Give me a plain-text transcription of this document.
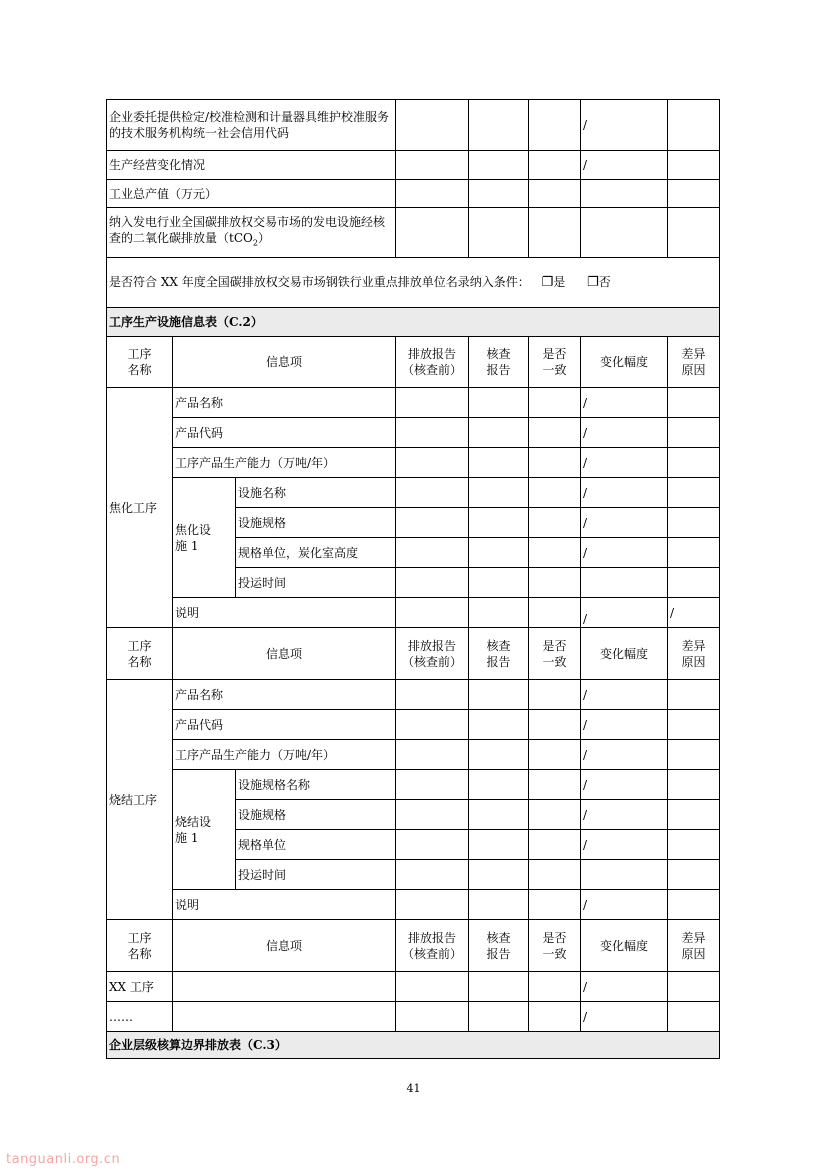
企业委托提供检定/校准检测和计量器具维护校准服务的技术服务机构统一社会信用代码						/	
生产经营变化情况						/	
工业总产值（万元）							
纳入发电行业全国碳排放权交易市场的发电设施经核查的二氧化碳排放量（tCO$_2$）							
是否符合 XX 年度全国碳排放权交易市场钢铁行业重点排放单位名录纳入条件： ❐是 ❐否							
工序生产设施信息表（C.2）							

工序名称	信息项		排放报告（核查前）	核查报告	是否一致	变化幅度	差异原因

焦化工序	产品名称					/	
	产品代码					/	
	工序产品生产能力（万吨/年）					/	

	焦化设施 1	设施名称				/	
		设施规格				/	
		规格单位，炭化室高度				/	
		投运时间					
	说明					/	/

工序名称	信息项		排放报告（核查前）	核查报告	是否一致	变化幅度	差异原因

烧结工序	产品名称					/	
	产品代码					/	
	工序产品生产能力（万吨/年）					/	

	烧结设施 1	设施规格名称				/	
		设施规格				/	
		规格单位				/	
		投运时间					
	说明					/	

工序名称	信息项		排放报告（核查前）	核查报告	是否一致	变化幅度	差异原因

XX 工序						/	
……						/	
企业层级核算边界排放表（C.3）							
41
tanguanli.org.cn
